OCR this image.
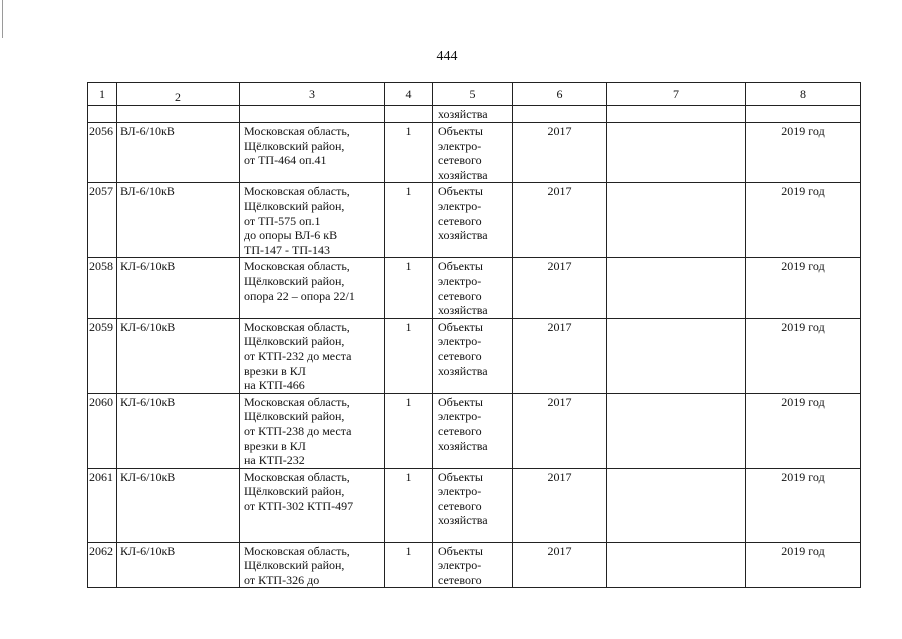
444
1	2	3	4	5	6	7	8
				хозяйства			
2056	ВЛ-6/10кВ	Московская область,
Щёлковский район,
от ТП-464 оп.41	1	Объекты
электро-
сетевого
хозяйства	2017		2019 год
2057	ВЛ-6/10кВ	Московская область,
Щёлковский район,
от ТП-575 оп.1
до опоры ВЛ-6 кВ
ТП-147 - ТП-143	1	Объекты
электро-
сетевого
хозяйства	2017		2019 год
2058	КЛ-6/10кВ	Московская область,
Щёлковский район,
опора 22 – опора 22/1	1	Объекты
электро-
сетевого
хозяйства	2017		2019 год
2059	КЛ-6/10кВ	Московская область,
Щёлковский район,
от КТП-232 до места
врезки в КЛ
на КТП-466	1	Объекты
электро-
сетевого
хозяйства	2017		2019 год
2060	КЛ-6/10кВ	Московская область,
Щёлковский район,
от КТП-238 до места
врезки в КЛ
на КТП-232	1	Объекты
электро-
сетевого
хозяйства	2017		2019 год
2061	КЛ-6/10кВ	Московская область,
Щёлковский район,
от КТП-302 КТП-497	1	Объекты
электро-
сетевого
хозяйства	2017		2019 год
2062	КЛ-6/10кВ	Московская область,
Щёлковский район,
от КТП-326 до	1	Объекты
электро-
сетевого	2017		2019 год
